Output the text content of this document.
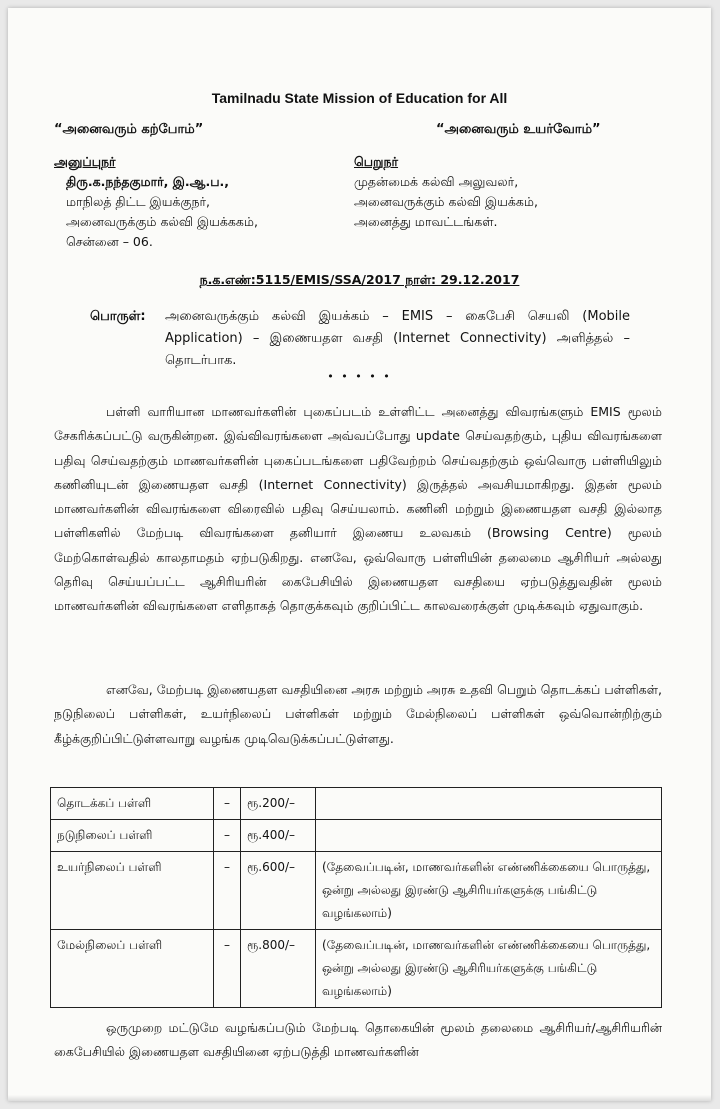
Tamilnadu State Mission of Education for All
“அனைவரும் கற்போம்”	“அனைவரும் உயர்வோம்”
அனுப்புநர்
திரு.க.நந்தகுமார், இ.ஆ.ப.,
மாநிலத் திட்ட இயக்குநர்,
அனைவருக்கும் கல்வி இயக்ககம்,
சென்னை – 06.
பெறுநர்
முதன்மைக் கல்வி அலுவலர்,
அனைவருக்கும் கல்வி இயக்கம்,
அனைத்து மாவட்டங்கள்.
ந.க.எண்:5115/EMIS/SSA/2017 நாள்: 29.12.2017
பொருள்: அனைவருக்கும் கல்வி இயக்கம் – EMIS – கைபேசி செயலி (Mobile Application) – இணையதள வசதி (Internet Connectivity) அளித்தல் – தொடர்பாக.
• • • • •
பள்ளி வாரியான மாணவர்களின் புகைப்படம் உள்ளிட்ட அனைத்து விவரங்களும் EMIS மூலம் சேகரிக்கப்பட்டு வருகின்றன. இவ்விவரங்களை அவ்வப்போது update செய்வதற்கும், புதிய விவரங்களை பதிவு செய்வதற்கும் மாணவர்களின் புகைப்படங்களை பதிவேற்றம் செய்வதற்கும் ஒவ்வொரு பள்ளியிலும் கணினியுடன் இணையதள வசதி (Internet Connectivity) இருத்தல் அவசியமாகிறது. இதன் மூலம் மாணவர்களின் விவரங்களை விரைவில் பதிவு செய்யலாம். கணினி மற்றும் இணையதள வசதி இல்லாத பள்ளிகளில் மேற்படி விவரங்களை தனியார் இணைய உலவகம் (Browsing Centre) மூலம் மேற்கொள்வதில் காலதாமதம் ஏற்படுகிறது. எனவே, ஒவ்வொரு பள்ளியின் தலைமை ஆசிரியர் அல்லது தெரிவு செய்யப்பட்ட ஆசிரியரின் கைபேசியில் இணையதள வசதியை ஏற்படுத்துவதின் மூலம் மாணவர்களின் விவரங்களை எளிதாகத் தொகுக்கவும் குறிப்பிட்ட காலவரைக்குள் முடிக்கவும் ஏதுவாகும்.
எனவே, மேற்படி இணையதள வசதியினை அரசு மற்றும் அரசு உதவி பெறும் தொடக்கப் பள்ளிகள், நடுநிலைப் பள்ளிகள், உயர்நிலைப் பள்ளிகள் மற்றும் மேல்நிலைப் பள்ளிகள் ஒவ்வொன்றிற்கும் கீழ்க்குறிப்பிட்டுள்ளவாறு வழங்க முடிவெடுக்கப்பட்டுள்ளது.
தொடக்கப் பள்ளி	–	ரூ.200/–	
நடுநிலைப் பள்ளி	–	ரூ.400/–	
உயர்நிலைப் பள்ளி	–	ரூ.600/–	(தேவைப்படின், மாணவர்களின் எண்ணிக்கையை பொருத்து, ஒன்று அல்லது இரண்டு ஆசிரியர்களுக்கு பங்கிட்டு வழங்கலாம்)
மேல்நிலைப் பள்ளி	–	ரூ.800/–	(தேவைப்படின், மாணவர்களின் எண்ணிக்கையை பொருத்து, ஒன்று அல்லது இரண்டு ஆசிரியர்களுக்கு பங்கிட்டு வழங்கலாம்)
ஒருமுறை மட்டுமே வழங்கப்படும் மேற்படி தொகையின் மூலம் தலைமை ஆசிரியர்/ஆசிரியரின் கைபேசியில் இணையதள வசதியினை ஏற்படுத்தி மாணவர்களின்
